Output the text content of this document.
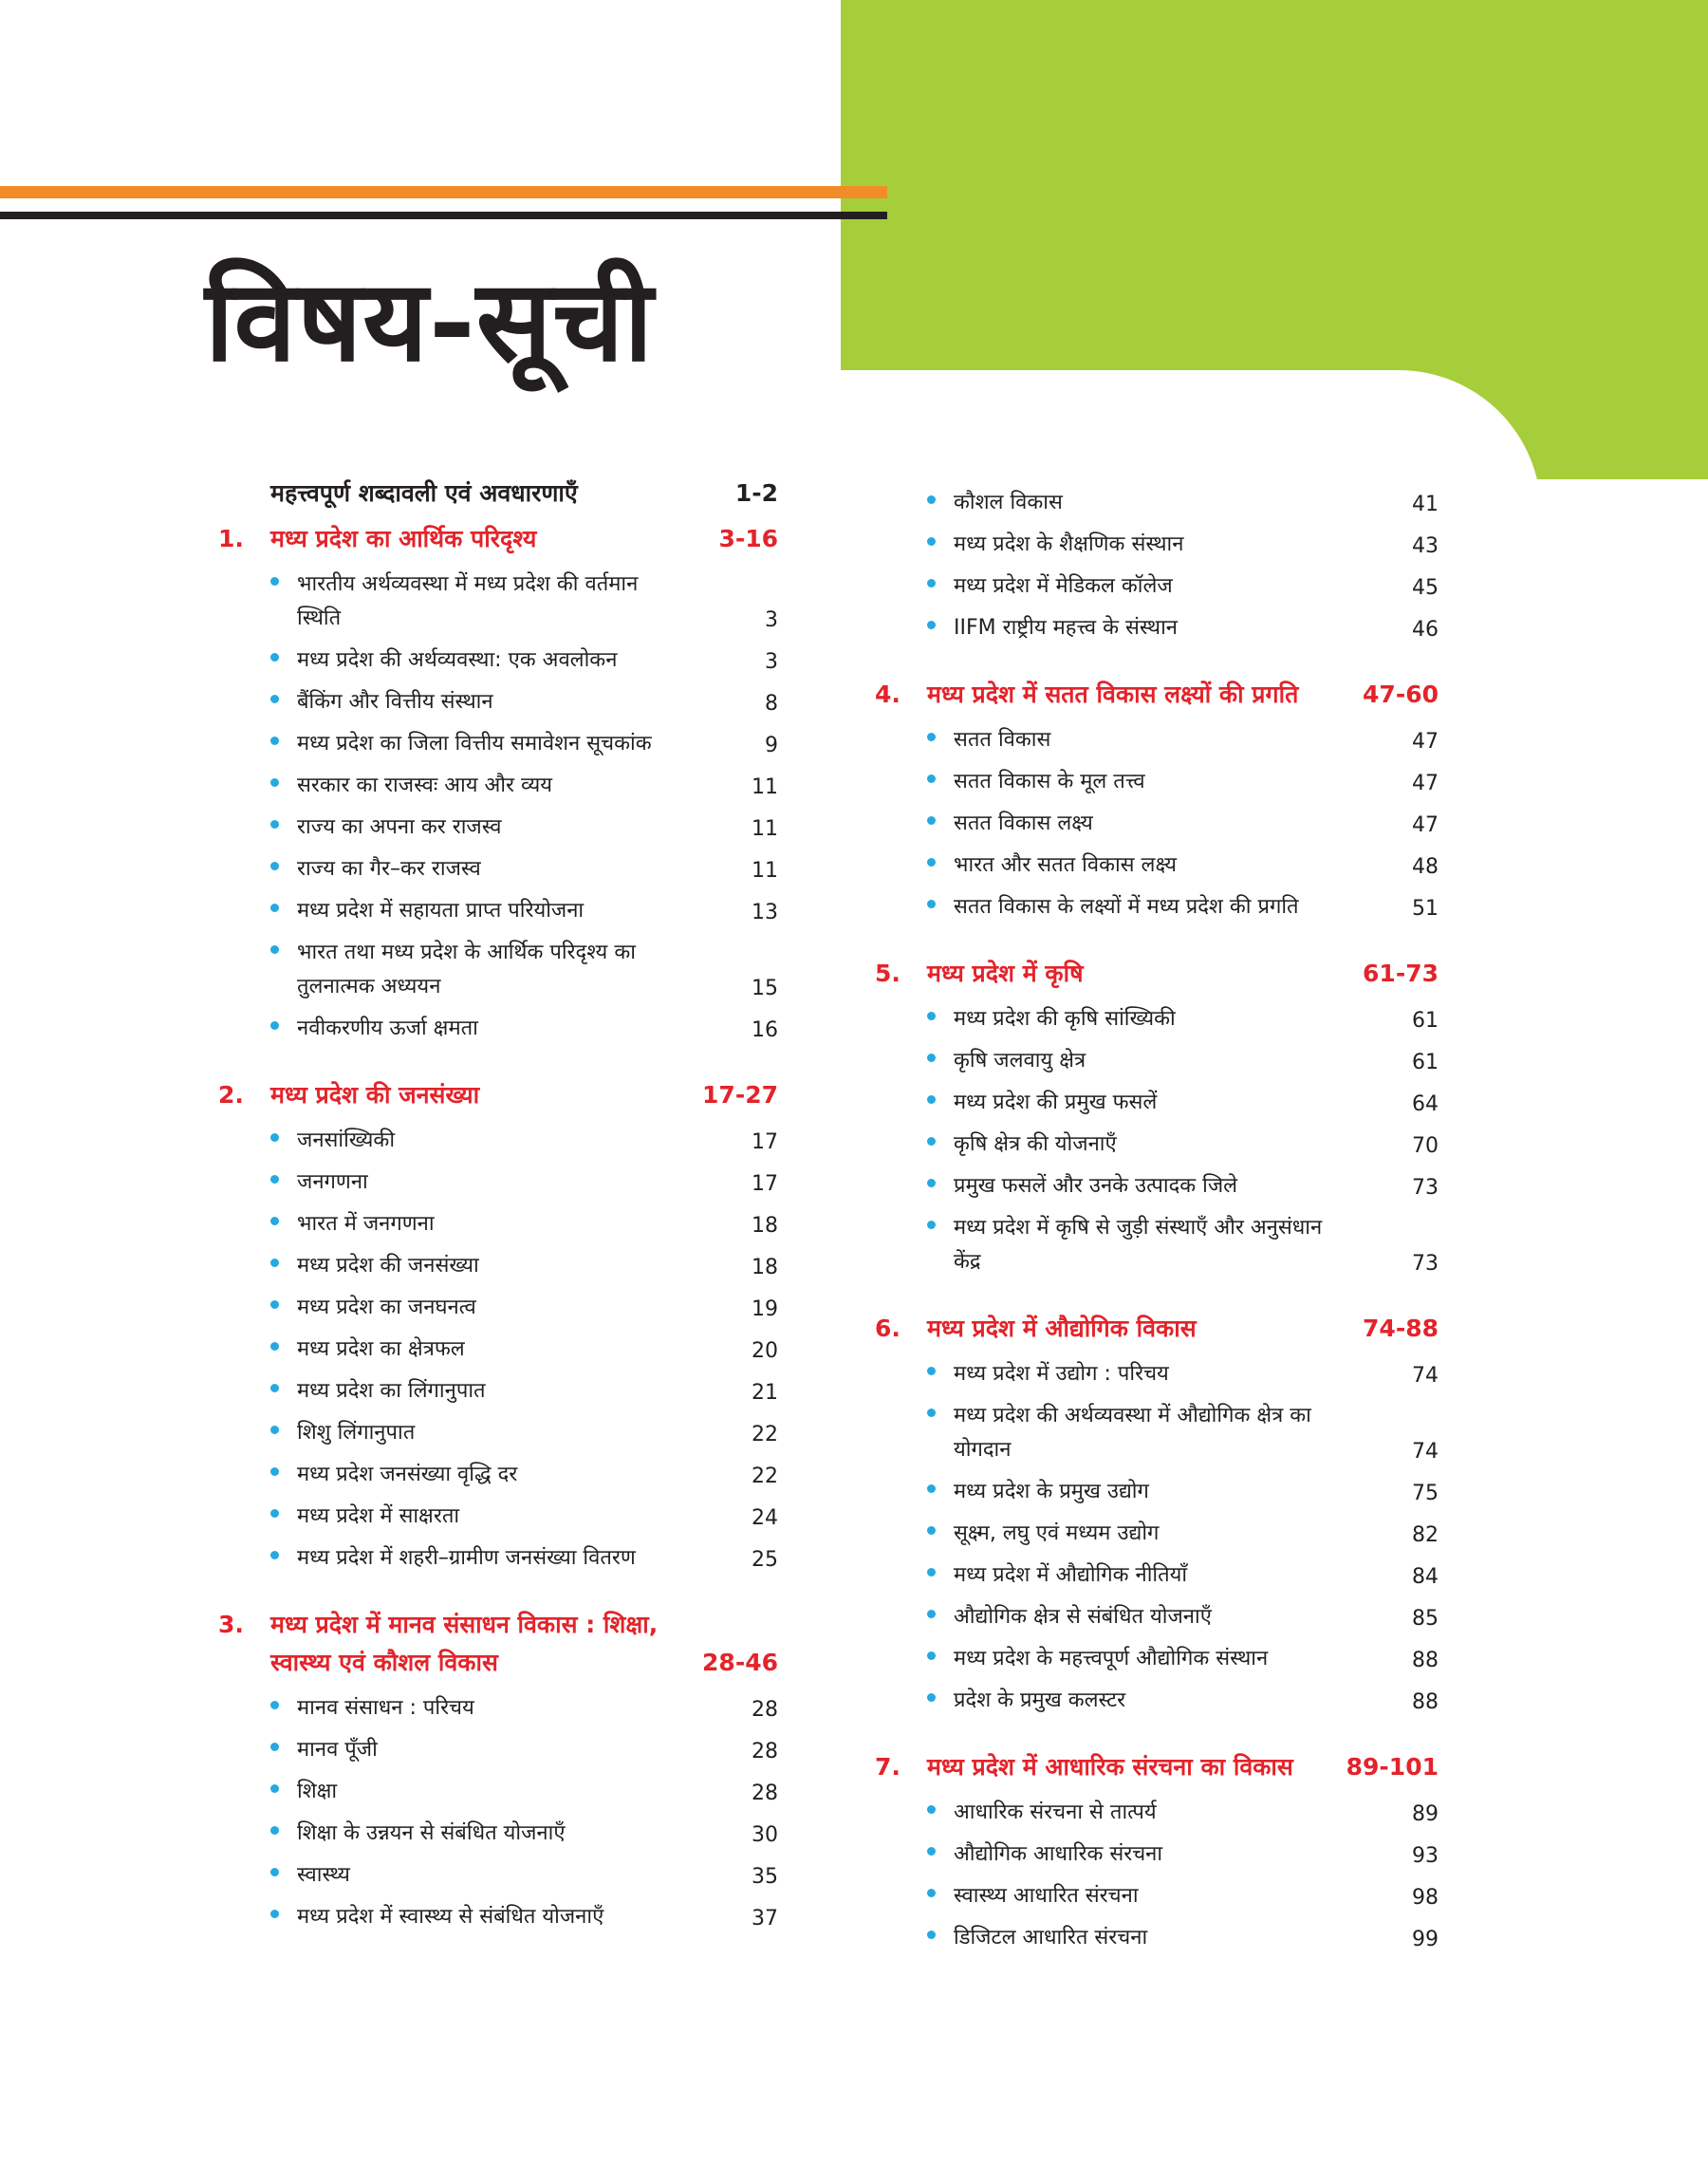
विषय-सूची
महत्त्वपूर्ण शब्दावली एवं अवधारणाएँ	1-2
1.	मध्य प्रदेश का आर्थिक परिदृश्य	3-16
भारतीय अर्थव्यवस्था में मध्य प्रदेश की वर्तमान स्थिति	3
मध्य प्रदेश की अर्थव्यवस्था: एक अवलोकन	3
बैंकिंग और वित्तीय संस्थान	8
मध्य प्रदेश का जिला वित्तीय समावेशन सूचकांक	9
सरकार का राजस्वः आय और व्यय	11
राज्य का अपना कर राजस्व	11
राज्य का गैर–कर राजस्व	11
मध्य प्रदेश में सहायता प्राप्त परियोजना	13
भारत तथा मध्य प्रदेश के आर्थिक परिदृश्य का तुलनात्मक अध्ययन	15
नवीकरणीय ऊर्जा क्षमता	16
2.	मध्य प्रदेश की जनसंख्या	17-27
जनसांख्यिकी	17
जनगणना	17
भारत में जनगणना	18
मध्य प्रदेश की जनसंख्या	18
मध्य प्रदेश का जनघनत्व	19
मध्य प्रदेश का क्षेत्रफल	20
मध्य प्रदेश का लिंगानुपात	21
शिशु लिंगानुपात	22
मध्य प्रदेश जनसंख्या वृद्धि दर	22
मध्य प्रदेश में साक्षरता	24
मध्य प्रदेश में शहरी–ग्रामीण जनसंख्या वितरण	25
3.	मध्य प्रदेश में मानव संसाधन विकास : शिक्षा, स्वास्थ्य एवं कौशल विकास	28-46
मानव संसाधन : परिचय	28
मानव पूँजी	28
शिक्षा	28
शिक्षा के उन्नयन से संबंधित योजनाएँ	30
स्वास्थ्य	35
मध्य प्रदेश में स्वास्थ्य से संबंधित योजनाएँ	37
कौशल विकास	41
मध्य प्रदेश के शैक्षणिक संस्थान	43
मध्य प्रदेश में मेडिकल कॉलेज	45
IIFM राष्ट्रीय महत्त्व के संस्थान	46
4.	मध्य प्रदेश में सतत विकास लक्ष्यों की प्रगति	47-60
सतत विकास	47
सतत विकास के मूल तत्त्व	47
सतत विकास लक्ष्य	47
भारत और सतत विकास लक्ष्य	48
सतत विकास के लक्ष्यों में मध्य प्रदेश की प्रगति	51
5.	मध्य प्रदेश में कृषि	61-73
मध्य प्रदेश की कृषि सांख्यिकी	61
कृषि जलवायु क्षेत्र	61
मध्य प्रदेश की प्रमुख फसलें	64
कृषि क्षेत्र की योजनाएँ	70
प्रमुख फसलें और उनके उत्पादक जिले	73
मध्य प्रदेश में कृषि से जुड़ी संस्थाएँ और अनुसंधान केंद्र	73
6.	मध्य प्रदेश में औद्योगिक विकास	74-88
मध्य प्रदेश में उद्योग : परिचय	74
मध्य प्रदेश की अर्थव्यवस्था में औद्योगिक क्षेत्र का योगदान	74
मध्य प्रदेश के प्रमुख उद्योग	75
सूक्ष्म, लघु एवं मध्यम उद्योग	82
मध्य प्रदेश में औद्योगिक नीतियाँ	84
औद्योगिक क्षेत्र से संबंधित योजनाएँ	85
मध्य प्रदेश के महत्त्वपूर्ण औद्योगिक संस्थान	88
प्रदेश के प्रमुख कलस्टर	88
7.	मध्य प्रदेश में आधारिक संरचना का विकास	89-101
आधारिक संरचना से तात्पर्य	89
औद्योगिक आधारिक संरचना	93
स्वास्थ्य आधारित संरचना	98
डिजिटल आधारित संरचना	99
